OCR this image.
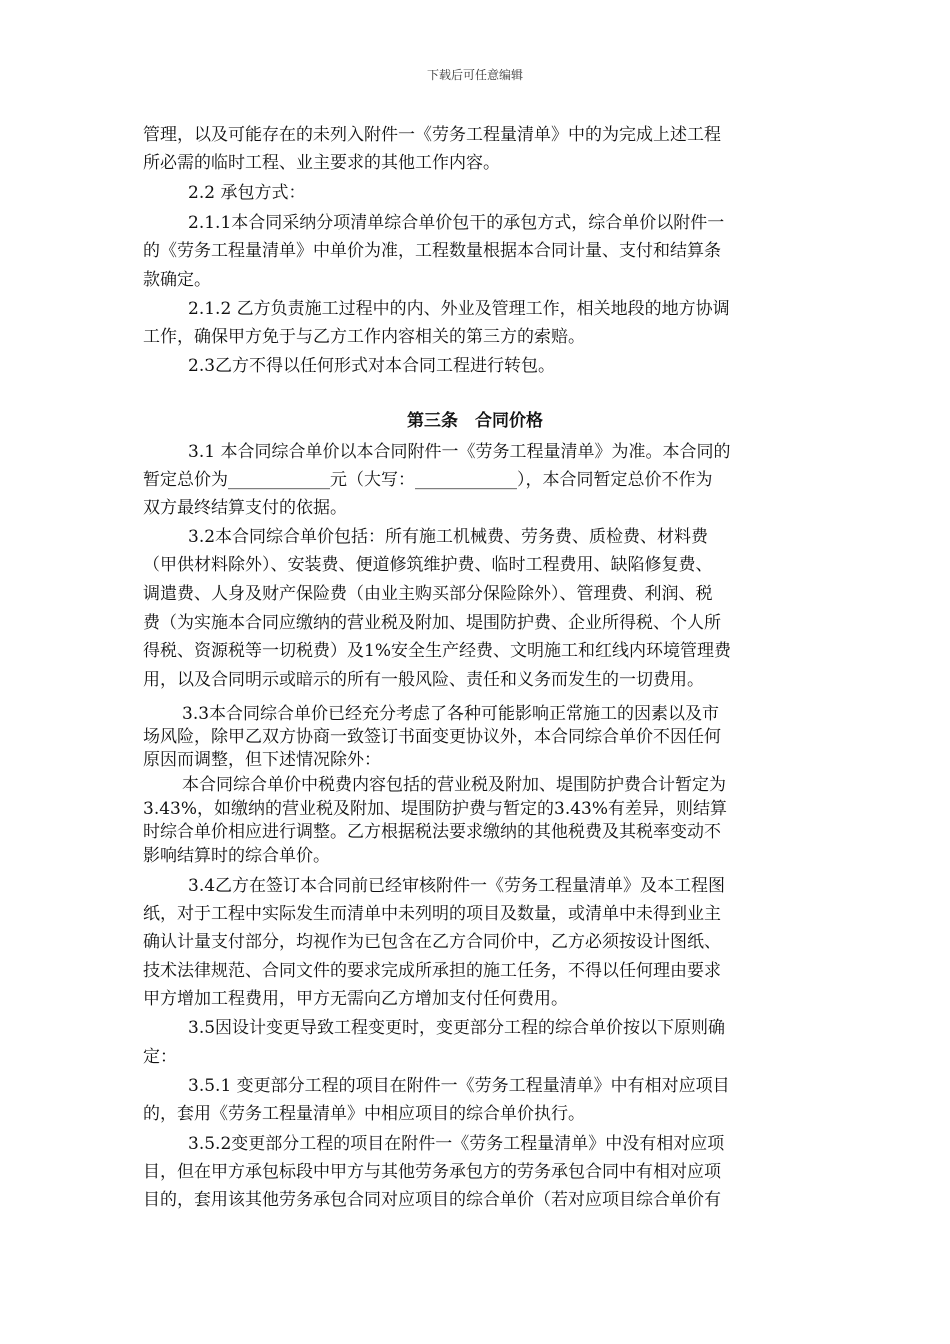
下载后可任意编辑
管理，以及可能存在的未列入附件一《劳务工程量清单》中的为完成上述工程
所必需的临时工程、业主要求的其他工作内容。
2.2 承包方式：
2.1.1本合同采纳分项清单综合单价包干的承包方式，综合单价以附件一
的《劳务工程量清单》中单价为准，工程数量根据本合同计量、支付和结算条
款确定。
2.1.2 乙方负责施工过程中的内、外业及管理工作，相关地段的地方协调
工作，确保甲方免于与乙方工作内容相关的第三方的索赔。
2.3乙方不得以任何形式对本合同工程进行转包。
第三条　合同价格
3.1 本合同综合单价以本合同附件一《劳务工程量清单》为准。本合同的
暂定总价为____________元（大写：____________），本合同暂定总价不作为
双方最终结算支付的依据。
3.2本合同综合单价包括：所有施工机械费、劳务费、质检费、材料费
（甲供材料除外）、安装费、便道修筑维护费、临时工程费用、缺陷修复费、
调遣费、人身及财产保险费（由业主购买部分保险除外）、管理费、利润、税
费（为实施本合同应缴纳的营业税及附加、堤围防护费、企业所得税、个人所
得税、资源税等一切税费）及1%安全生产经费、文明施工和红线内环境管理费
用，以及合同明示或暗示的所有一般风险、责任和义务而发生的一切费用。
3.3本合同综合单价已经充分考虑了各种可能影响正常施工的因素以及市
场风险，除甲乙双方协商一致签订书面变更协议外，本合同综合单价不因任何
原因而调整，但下述情况除外：
本合同综合单价中税费内容包括的营业税及附加、堤围防护费合计暂定为
3.43%，如缴纳的营业税及附加、堤围防护费与暂定的3.43%有差异，则结算
时综合单价相应进行调整。乙方根据税法要求缴纳的其他税费及其税率变动不
影响结算时的综合单价。
3.4乙方在签订本合同前已经审核附件一《劳务工程量清单》及本工程图
纸，对于工程中实际发生而清单中未列明的项目及数量，或清单中未得到业主
确认计量支付部分，均视作为已包含在乙方合同价中，乙方必须按设计图纸、
技术法律规范、合同文件的要求完成所承担的施工任务，不得以任何理由要求
甲方增加工程费用，甲方无需向乙方增加支付任何费用。
3.5因设计变更导致工程变更时，变更部分工程的综合单价按以下原则确
定：
3.5.1 变更部分工程的项目在附件一《劳务工程量清单》中有相对应项目
的，套用《劳务工程量清单》中相应项目的综合单价执行。
3.5.2变更部分工程的项目在附件一《劳务工程量清单》中没有相对应项
目，但在甲方承包标段中甲方与其他劳务承包方的劳务承包合同中有相对应项
目的，套用该其他劳务承包合同对应项目的综合单价（若对应项目综合单价有
